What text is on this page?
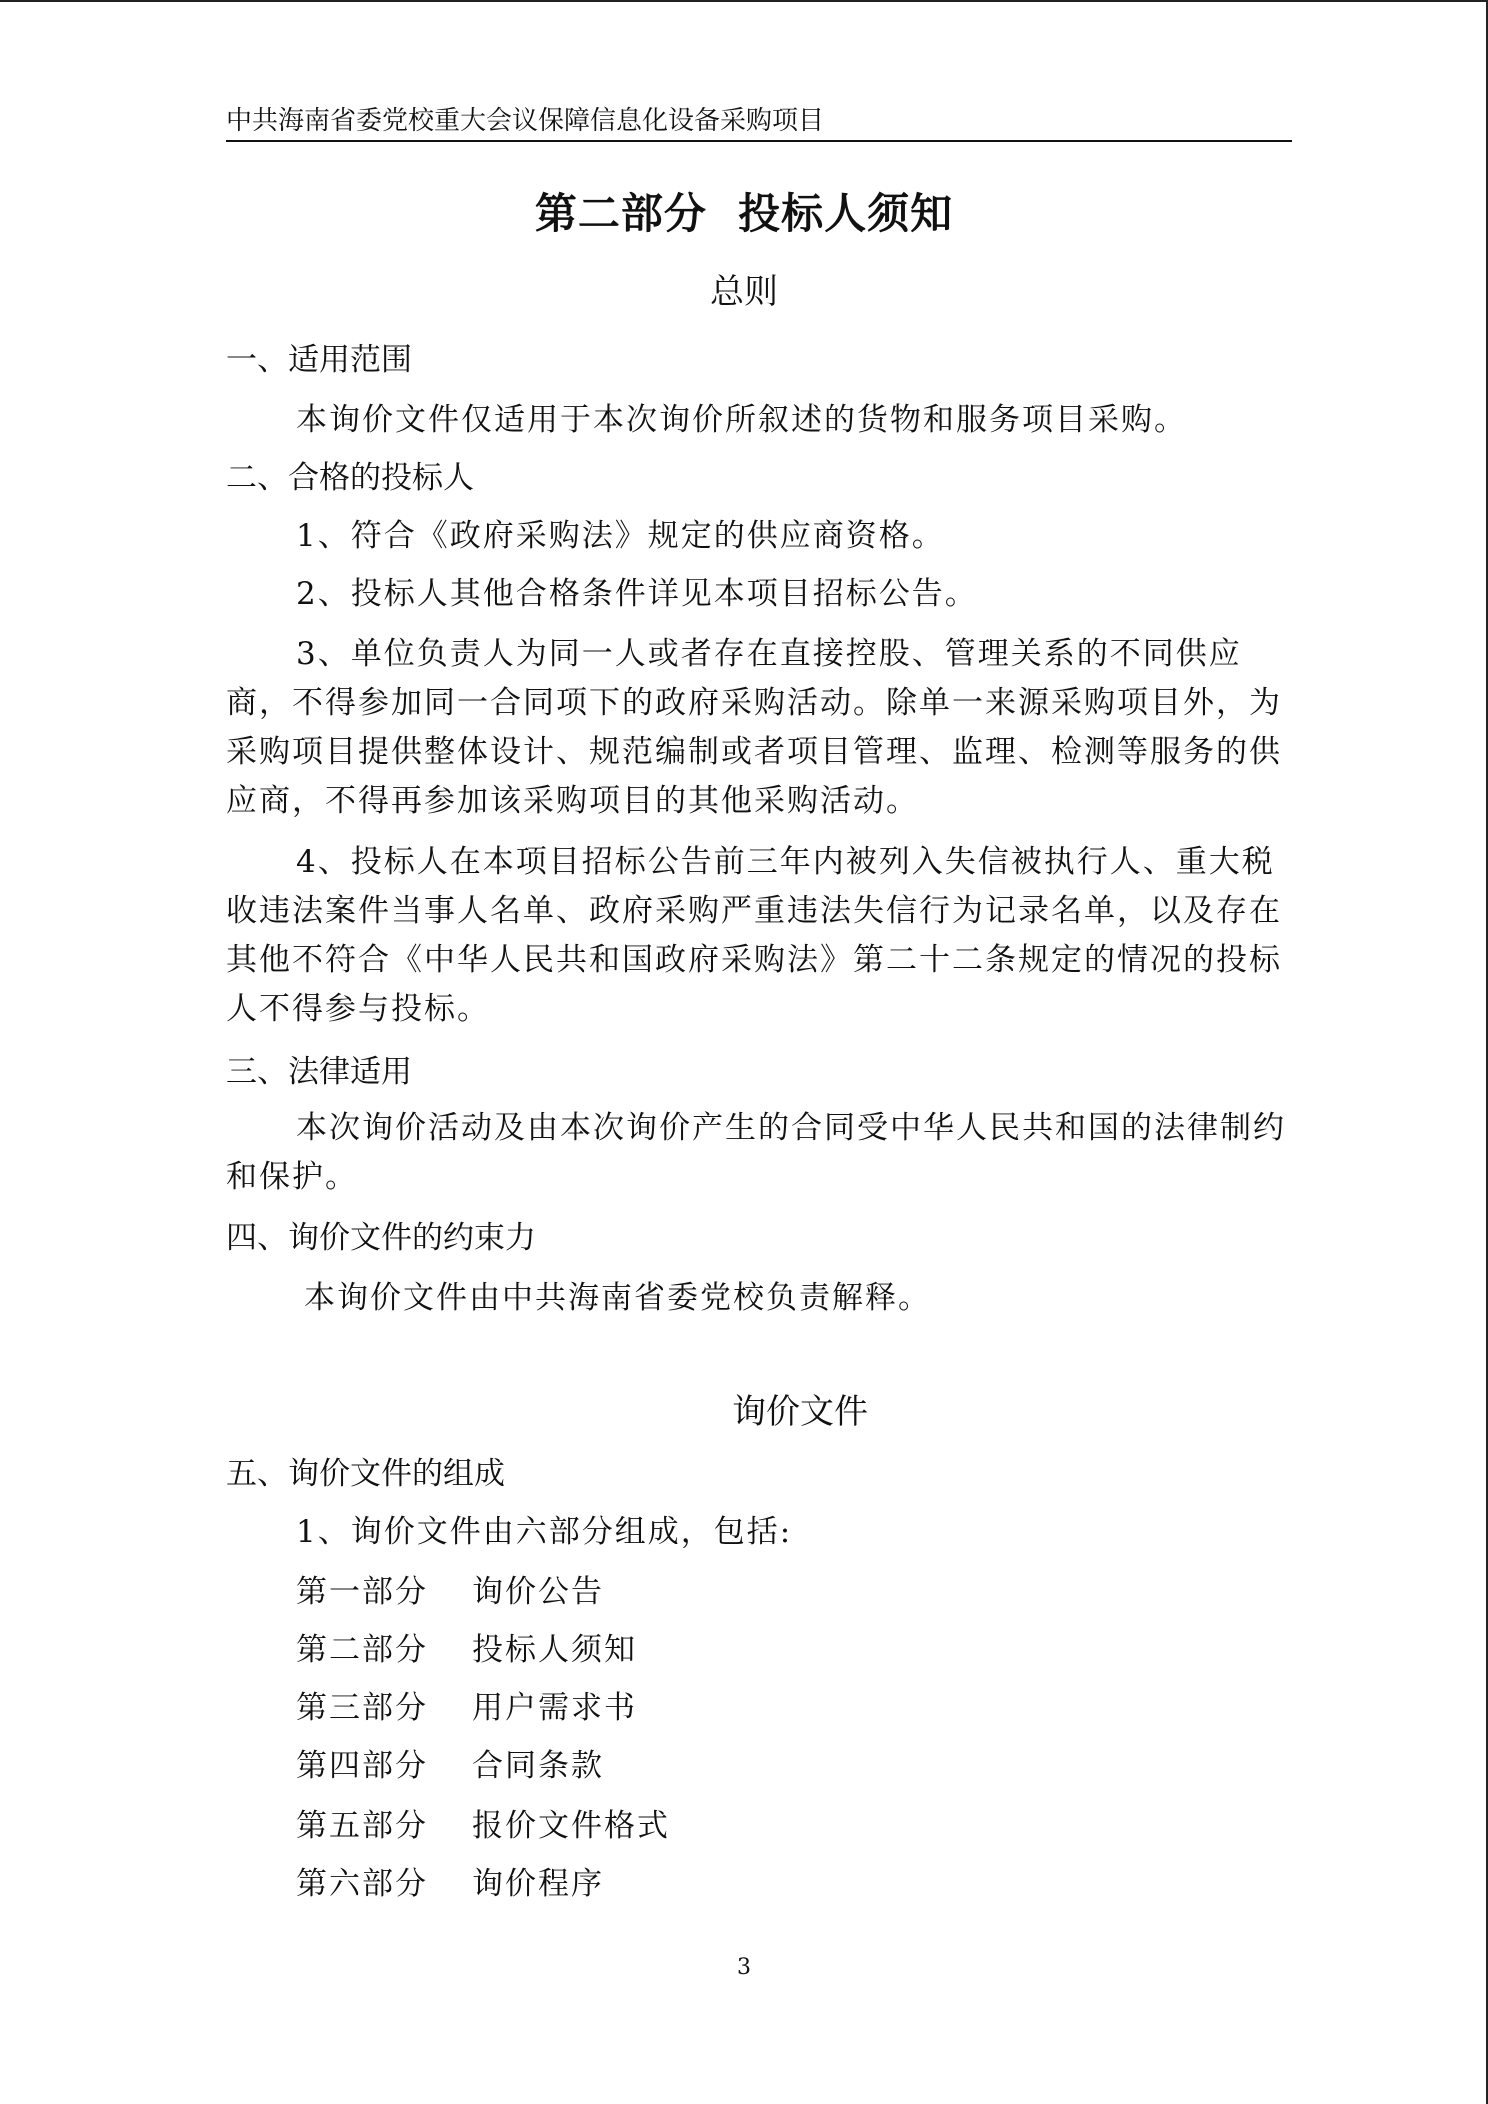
中共海南省委党校重大会议保障信息化设备采购项目
第二部分  投标人须知
总则
一、适用范围

本询价文件仅适用于本次询价所叙述的货物和服务项目采购。

二、合格的投标人

1、符合《政府采购法》规定的供应商资格。

2、投标人其他合格条件详见本项目招标公告。

3、单位负责人为同一人或者存在直接控股、管理关系的不同供应商，不得参加同一合同项下的政府采购活动。除单一来源采购项目外，为采购项目提供整体设计、规范编制或者项目管理、监理、检测等服务的供应商，不得再参加该采购项目的其他采购活动。

4、投标人在本项目招标公告前三年内被列入失信被执行人、重大税收违法案件当事人名单、政府采购严重违法失信行为记录名单，以及存在其他不符合《中华人民共和国政府采购法》第二十二条规定的情况的投标人不得参与投标。

三、法律适用

本次询价活动及由本次询价产生的合同受中华人民共和国的法律制约和保护。

四、询价文件的约束力

本询价文件由中共海南省委党校负责解释。

询价文件
五、询价文件的组成

1、询价文件由六部分组成，包括:

第一部分 询价公告
第二部分 投标人须知
第三部分 用户需求书
第四部分 合同条款
第五部分 报价文件格式
第六部分 询价程序
3
